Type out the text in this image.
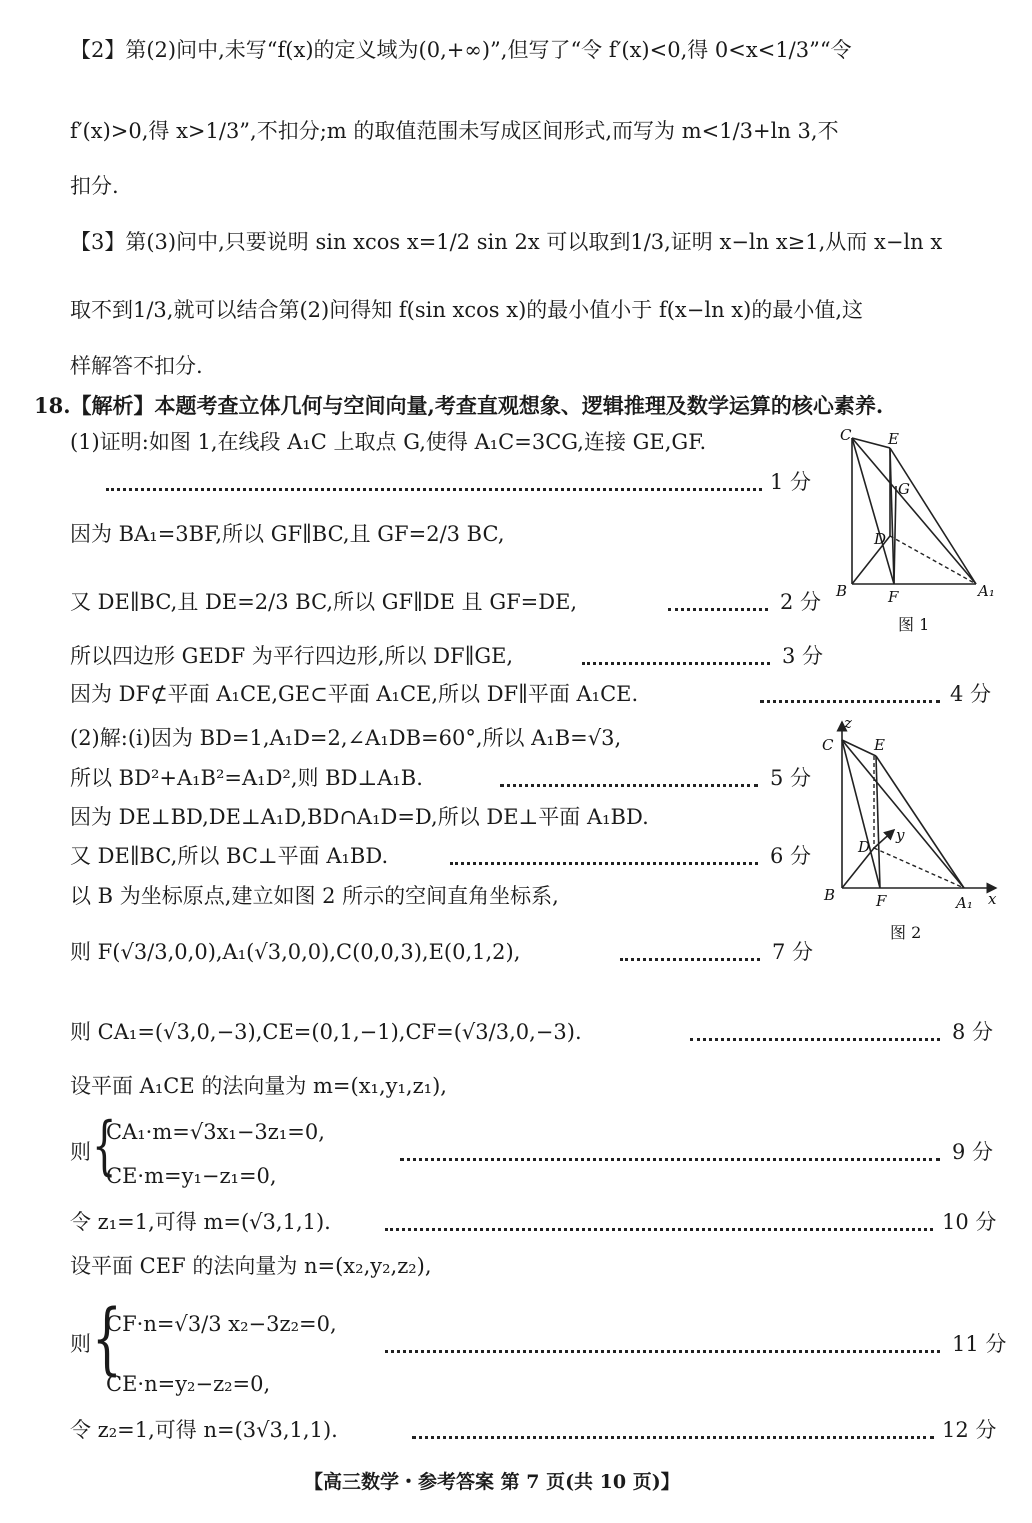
【2】第(2)问中,未写“f(x)的定义域为(0,+∞)”,但写了“令 f′(x)<0,得 0<x<1/3”“令
f′(x)>0,得 x>1/3”,不扣分;m 的取值范围未写成区间形式,而写为 m<1/3+ln 3,不
扣分.
【3】第(3)问中,只要说明 sin xcos x=1/2 sin 2x 可以取到1/3,证明 x−ln x≥1,从而 x−ln x
取不到1/3,就可以结合第(2)问得知 f(sin xcos x)的最小值小于 f(x−ln x)的最小值,这
样解答不扣分.
18.【解析】本题考查立体几何与空间向量,考查直观想象、逻辑推理及数学运算的核心素养.
(1)证明:如图 1,在线段 A₁C 上取点 G,使得 A₁C=3CG,连接 GE,GF.
1 分
因为 BA₁=3BF,所以 GF∥BC,且 GF=2/3 BC,
又 DE∥BC,且 DE=2/3 BC,所以 GF∥DE 且 GF=DE,	2 分
所以四边形 GEDF 为平行四边形,所以 DF∥GE,	3 分
因为 DF⊄平面 A₁CE,GE⊂平面 A₁CE,所以 DF∥平面 A₁CE.	4 分
(2)解:(ⅰ)因为 BD=1,A₁D=2,∠A₁DB=60°,所以 A₁B=√3,
所以 BD²+A₁B²=A₁D²,则 BD⊥A₁B.	5 分
因为 DE⊥BD,DE⊥A₁D,BD∩A₁D=D,所以 DE⊥平面 A₁BD.
又 DE∥BC,所以 BC⊥平面 A₁BD.	6 分
以 B 为坐标原点,建立如图 2 所示的空间直角坐标系,
则 F(√3/3,0,0),A₁(√3,0,0),C(0,0,3),E(0,1,2),	7 分
则 CA₁=(√3,0,−3),CE=(0,1,−1),CF=(√3/3,0,−3).	8 分
设平面 A₁CE 的法向量为 m=(x₁,y₁,z₁),
则 {
CA₁·m=√3x₁−3z₁=0,
CE·m=y₁−z₁=0,
9 分
令 z₁=1,可得 m=(√3,1,1).	10 分
设平面 CEF 的法向量为 n=(x₂,y₂,z₂),
则 {
CF·n=√3/3 x₂−3z₂=0,
CE·n=y₂−z₂=0,
11 分
令 z₂=1,可得 n=(3√3,1,1).	12 分
【高三数学・参考答案 第 7 页(共 10 页)】
C E
G
D
B	F	A₁
图 1
z
C	E
D
y
B	F	A₁ x
图 2
